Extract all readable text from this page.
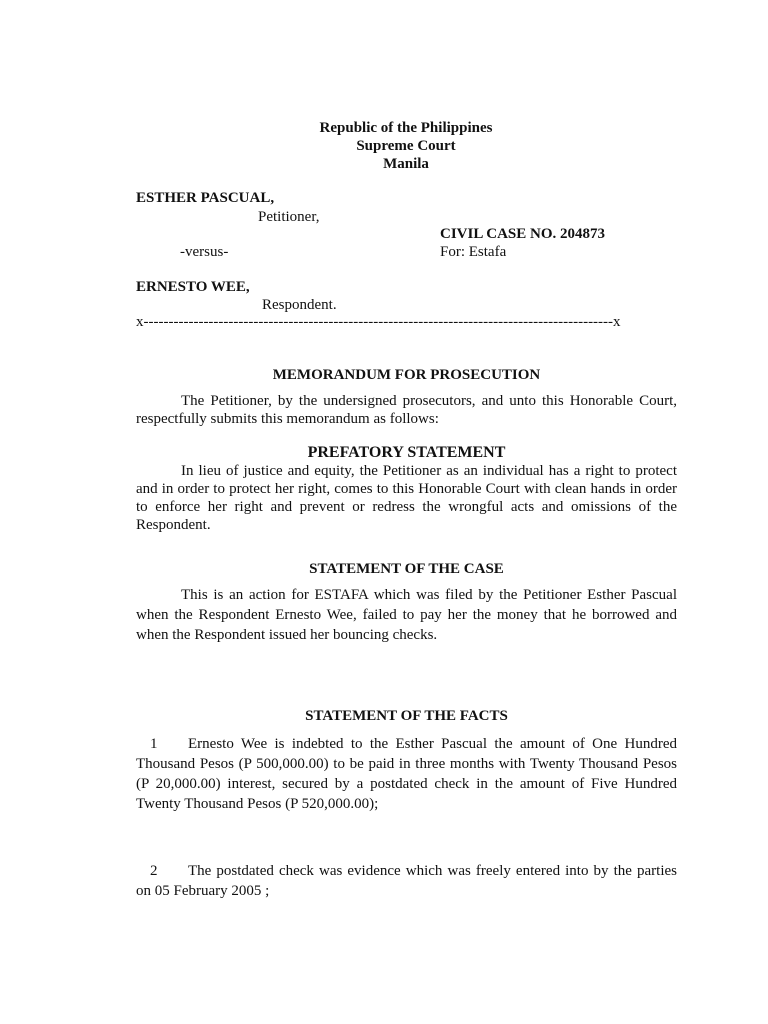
Republic of the Philippines
Supreme Court
Manila
ESTHER PASCUAL,
Petitioner,
CIVIL CASE NO. 204873
-versus-	For: Estafa
ERNESTO WEE,
Respondent.
x----------------------------------------------------------------------------------------------x
MEMORANDUM FOR PROSECUTION
The Petitioner, by the undersigned prosecutors, and unto this Honorable Court, respectfully submits this memorandum as follows:
PREFATORY STATEMENT
In lieu of justice and equity, the Petitioner as an individual has a right to protect and in order to protect her right, comes to this Honorable Court with clean hands in order to enforce her right and prevent or redress the wrongful acts and omissions of the Respondent.
STATEMENT OF THE CASE
This is an action for ESTAFA which was filed by the Petitioner Esther Pascual when the Respondent Ernesto Wee, failed to pay her the money that he borrowed and when the Respondent issued her bouncing checks.
STATEMENT OF THE FACTS
1 Ernesto Wee is indebted to the Esther Pascual the amount of One Hundred Thousand Pesos (P 500,000.00) to be paid in three months with Twenty Thousand Pesos (P 20,000.00) interest, secured by a postdated check in the amount of Five Hundred Twenty Thousand Pesos (P 520,000.00);
2 The postdated check was evidence which was freely entered into by the parties on 05 February 2005 ;
